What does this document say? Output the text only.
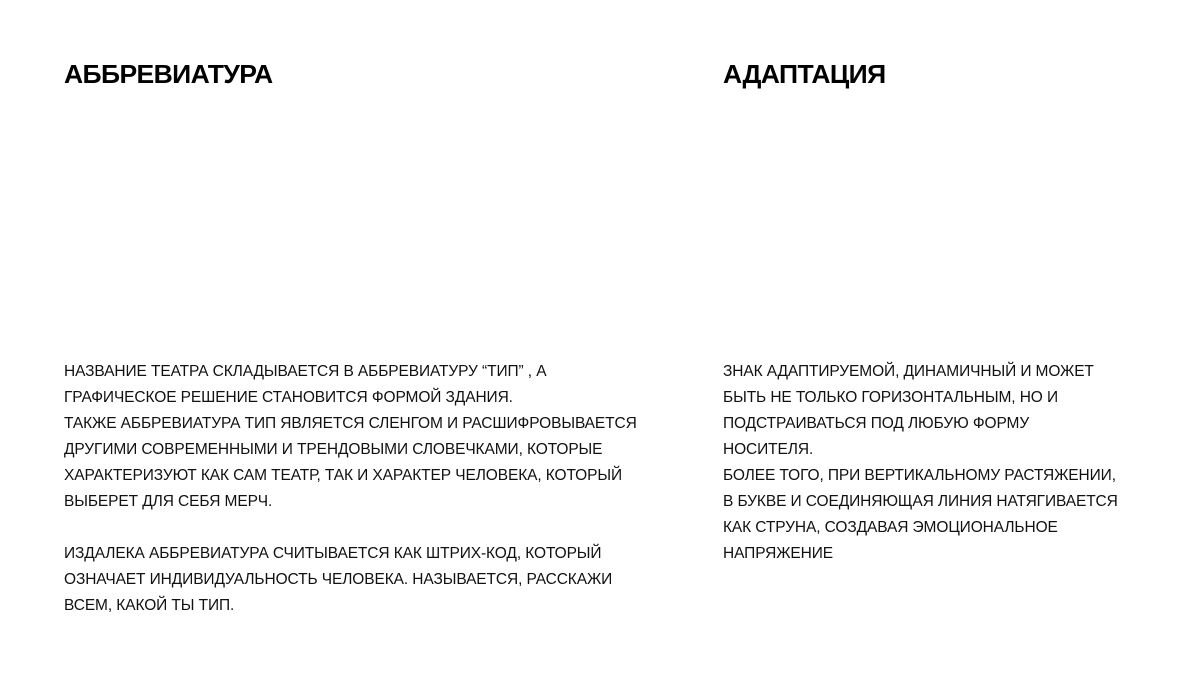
АББРЕВИАТУРА
НАЗВАНИЕ ТЕАТРА СКЛАДЫВАЕТСЯ В АББРЕВИАТУРУ “ТИП” , А
ГРАФИЧЕСКОЕ РЕШЕНИЕ СТАНОВИТСЯ ФОРМОЙ ЗДАНИЯ.
ТАКЖЕ АББРЕВИАТУРА ТИП ЯВЛЯЕТСЯ СЛЕНГОМ И РАСШИФРОВЫВАЕТСЯ
ДРУГИМИ СОВРЕМЕННЫМИ И ТРЕНДОВЫМИ СЛОВЕЧКАМИ, КОТОРЫЕ
ХАРАКТЕРИЗУЮТ КАК САМ ТЕАТР, ТАК И ХАРАКТЕР ЧЕЛОВЕКА, КОТОРЫЙ
ВЫБЕРЕТ ДЛЯ СЕБЯ МЕРЧ.
ИЗДАЛЕКА АББРЕВИАТУРА СЧИТЫВАЕТСЯ КАК ШТРИХ-КОД, КОТОРЫЙ
ОЗНАЧАЕТ ИНДИВИДУАЛЬНОСТЬ ЧЕЛОВЕКА. НАЗЫВАЕТСЯ, РАССКАЖИ
ВСЕМ, КАКОЙ ТЫ ТИП.
АДАПТАЦИЯ
ЗНАК АДАПТИРУЕМОЙ, ДИНАМИЧНЫЙ И МОЖЕТ
БЫТЬ НЕ ТОЛЬКО ГОРИЗОНТАЛЬНЫМ, НО И
ПОДСТРАИВАТЬСЯ ПОД ЛЮБУЮ ФОРМУ
НОСИТЕЛЯ.
БОЛЕЕ ТОГО, ПРИ ВЕРТИКАЛЬНОМУ РАСТЯЖЕНИИ,
В БУКВЕ И СОЕДИНЯЮЩАЯ ЛИНИЯ НАТЯГИВАЕТСЯ
КАК СТРУНА, СОЗДАВАЯ ЭМОЦИОНАЛЬНОЕ
НАПРЯЖЕНИЕ
